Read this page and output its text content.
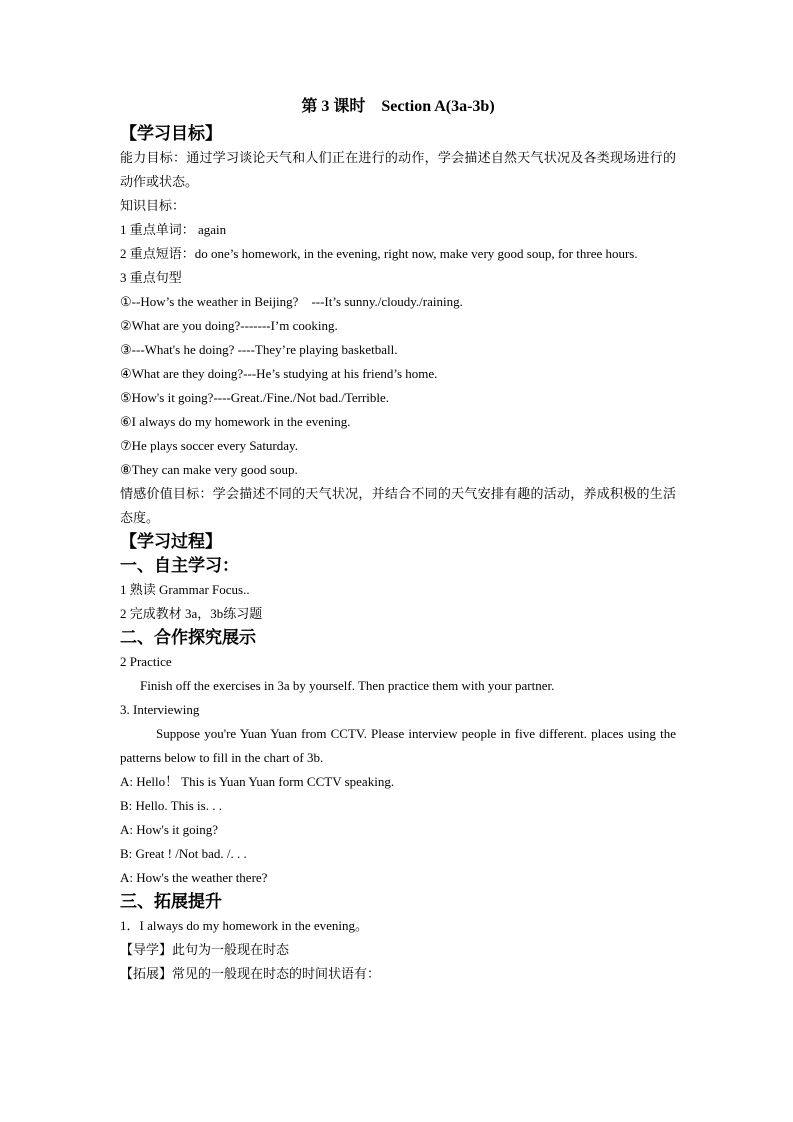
第 3 课时　Section A(3a-3b)
【学习目标】
能力目标：通过学习谈论天气和人们正在进行的动作，学会描述自然天气状况及各类现场进行的动作或状态。
知识目标：
1 重点单词： again
2 重点短语：do one’s homework, in the evening, right now, make very good soup, for three hours.
3 重点句型
①--How’s the weather in Beijing?　---It’s sunny./cloudy./raining.
②What are you doing?-------I’m cooking.
③---What's he doing? ----They’re playing basketball.
④What are they doing?---He’s studying at his friend’s home.
⑤How's it going?----Great./Fine./Not bad./Terrible.
⑥I always do my homework in the evening.
⑦He plays soccer every Saturday.
⑧They can make very good soup.
情感价值目标：学会描述不同的天气状况，并结合不同的天气安排有趣的活动，养成积极的生活态度。
【学习过程】
一、自主学习：
1 熟读 Grammar Focus..
2 完成教材 3a，3b练习题
二、合作探究展示
2 Practice
Finish off the exercises in 3a by yourself. Then practice them with your partner.
3. Interviewing
Suppose you're Yuan Yuan from CCTV. Please interview people in five different. places using the patterns below to fill in the chart of 3b.
A: Hello！ This is Yuan Yuan form CCTV speaking.
B: Hello. This is. . .
A: How's it going?
B: Great ! /Not bad. /. . .
A: How's the weather there?
三、拓展提升
1．I always do my homework in the evening。
【导学】此句为一般现在时态
【拓展】常见的一般现在时态的时间状语有：
